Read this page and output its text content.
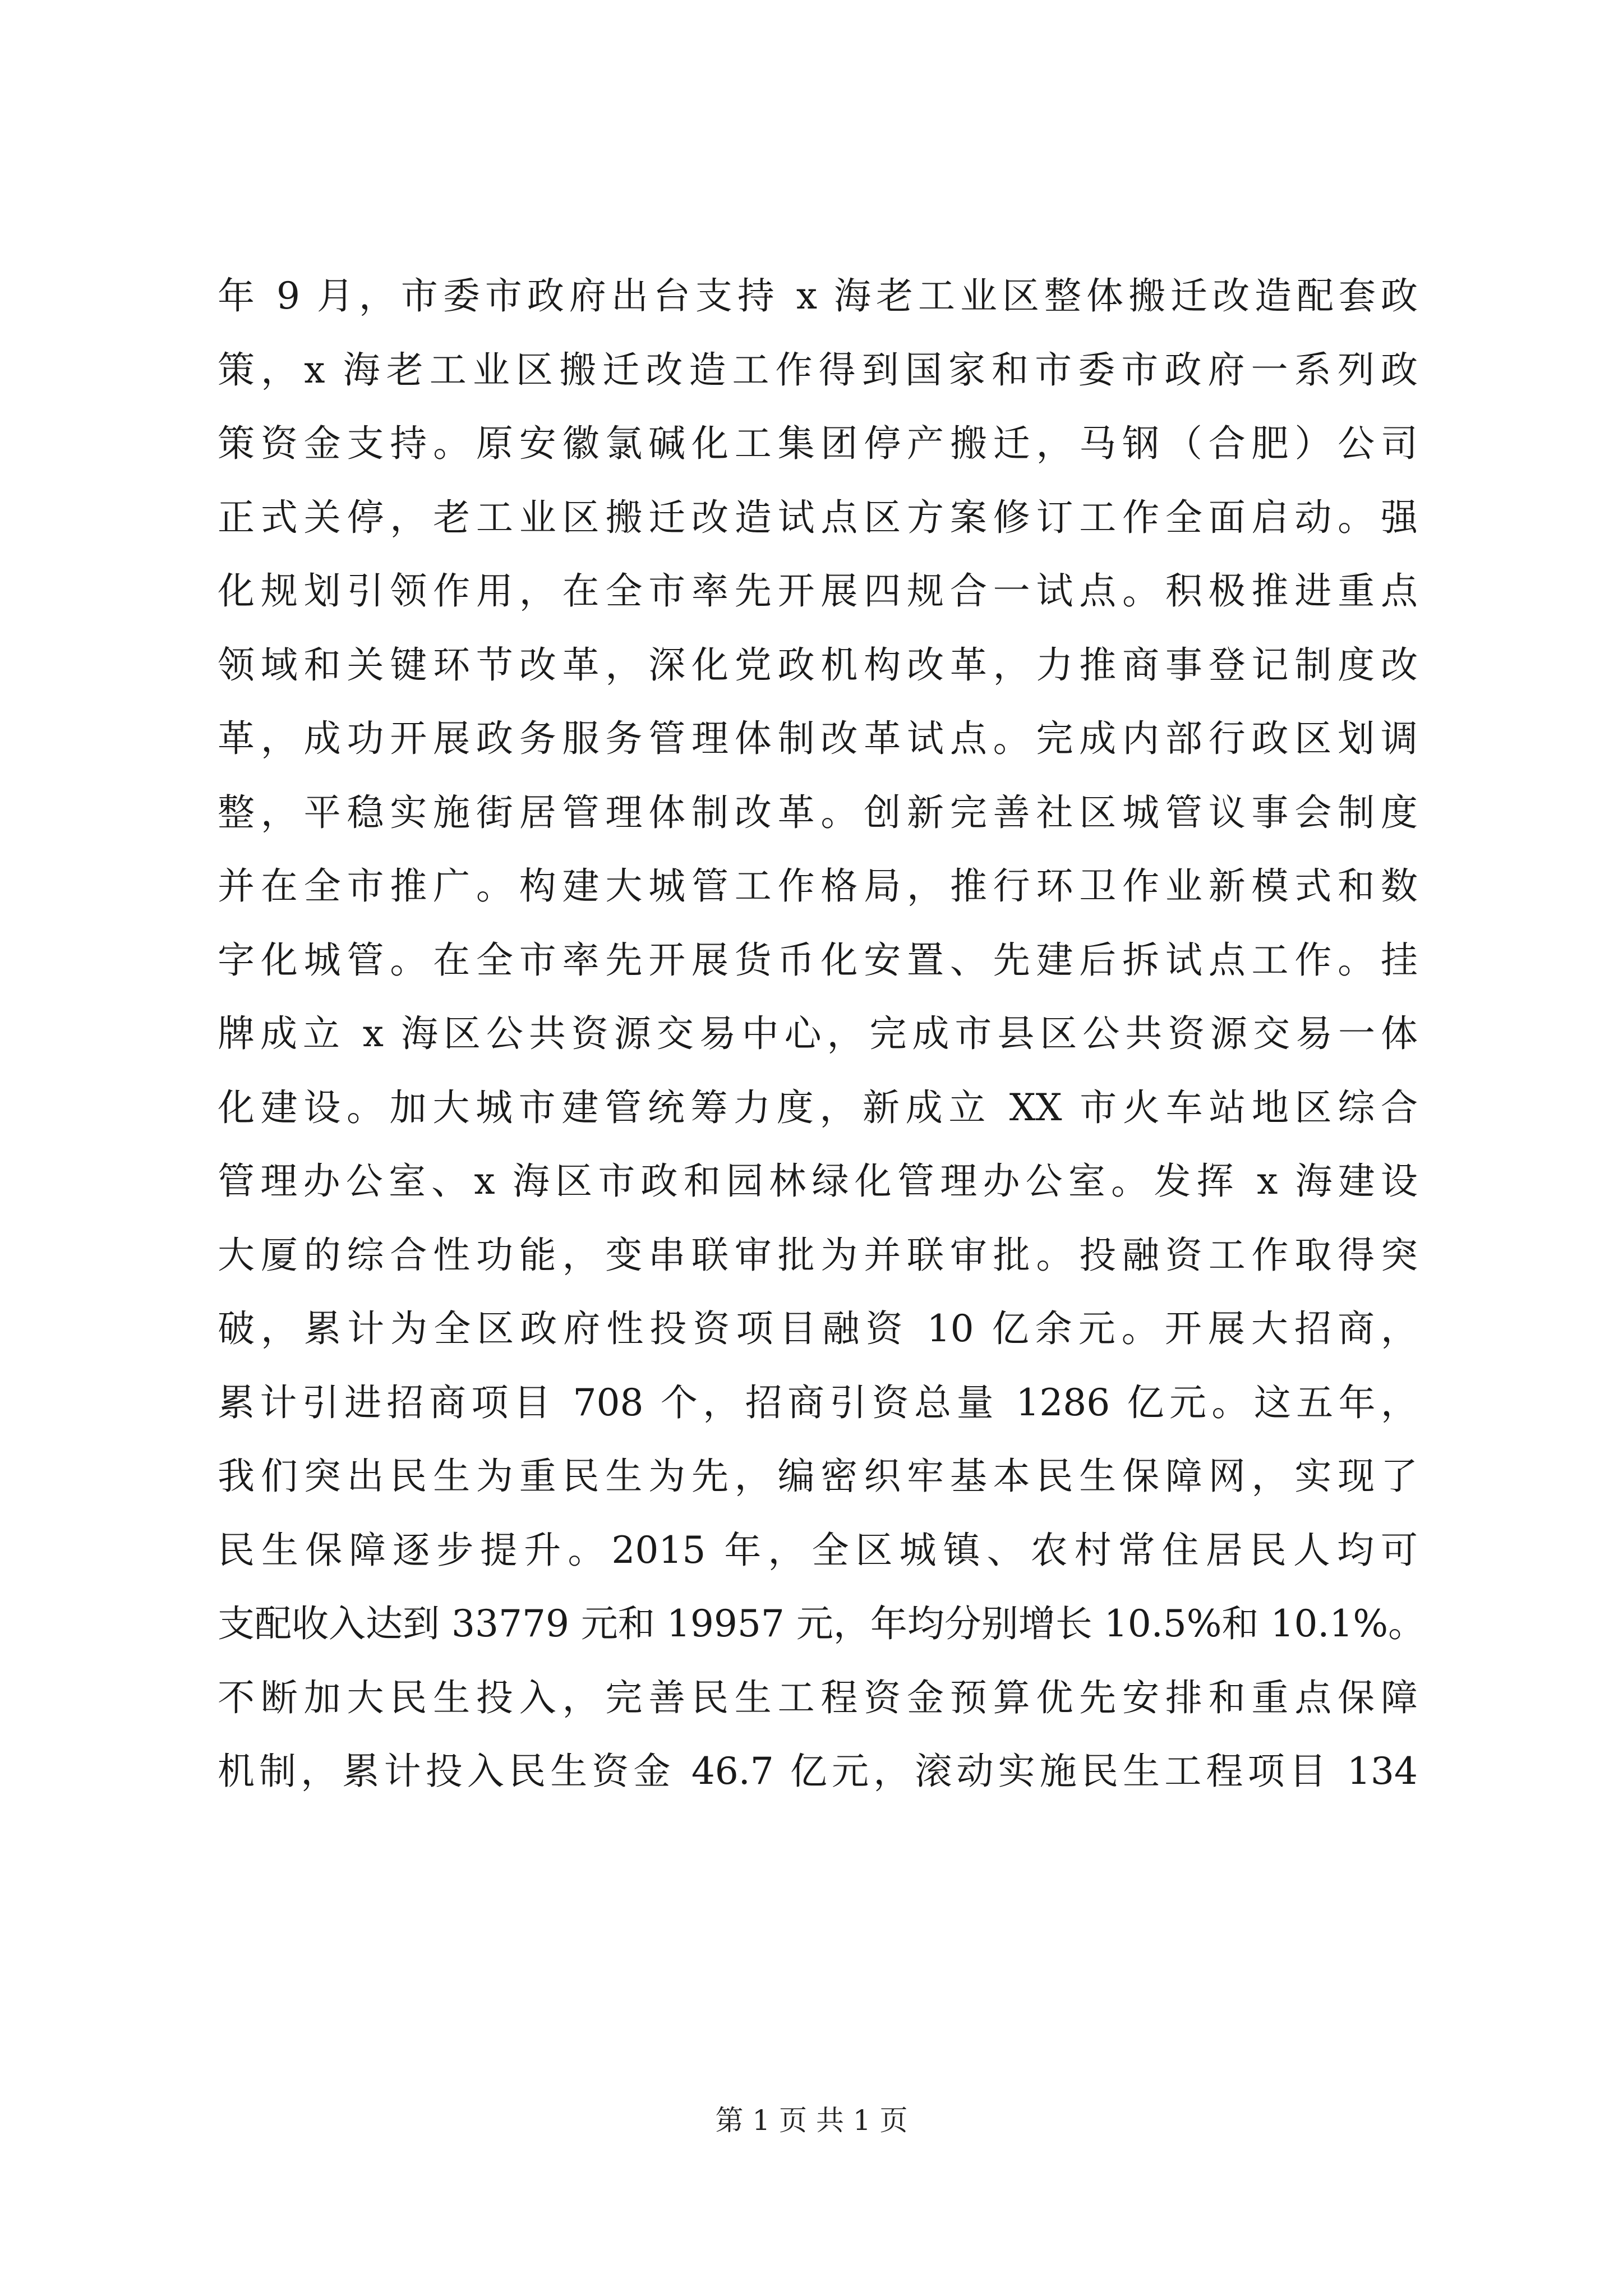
年 9 月，市委市政府出台支持 x 海老工业区整体搬迁改造配套政
策，x 海老工业区搬迁改造工作得到国家和市委市政府一系列政
策资金支持。原安徽氯碱化工集团停产搬迁，马钢（合肥）公司
正式关停，老工业区搬迁改造试点区方案修订工作全面启动。强
化规划引领作用，在全市率先开展四规合一试点。积极推进重点
领域和关键环节改革，深化党政机构改革，力推商事登记制度改
革，成功开展政务服务管理体制改革试点。完成内部行政区划调
整，平稳实施街居管理体制改革。创新完善社区城管议事会制度
并在全市推广。构建大城管工作格局，推行环卫作业新模式和数
字化城管。在全市率先开展货币化安置、先建后拆试点工作。挂
牌成立 x 海区公共资源交易中心，完成市县区公共资源交易一体
化建设。加大城市建管统筹力度，新成立 XX 市火车站地区综合
管理办公室、x 海区市政和园林绿化管理办公室。发挥 x 海建设
大厦的综合性功能，变串联审批为并联审批。投融资工作取得突
破，累计为全区政府性投资项目融资 10 亿余元。开展大招商，
累计引进招商项目 708 个，招商引资总量 1286 亿元。这五年，
我们突出民生为重民生为先，编密织牢基本民生保障网，实现了
民生保障逐步提升。2015 年，全区城镇、农村常住居民人均可
支配收入达到 33779 元和 19957 元，年均分别增长 10.5%和 10.1%。
不断加大民生投入，完善民生工程资金预算优先安排和重点保障
机制，累计投入民生资金 46.7 亿元，滚动实施民生工程项目 134
第 1 页 共 1 页
